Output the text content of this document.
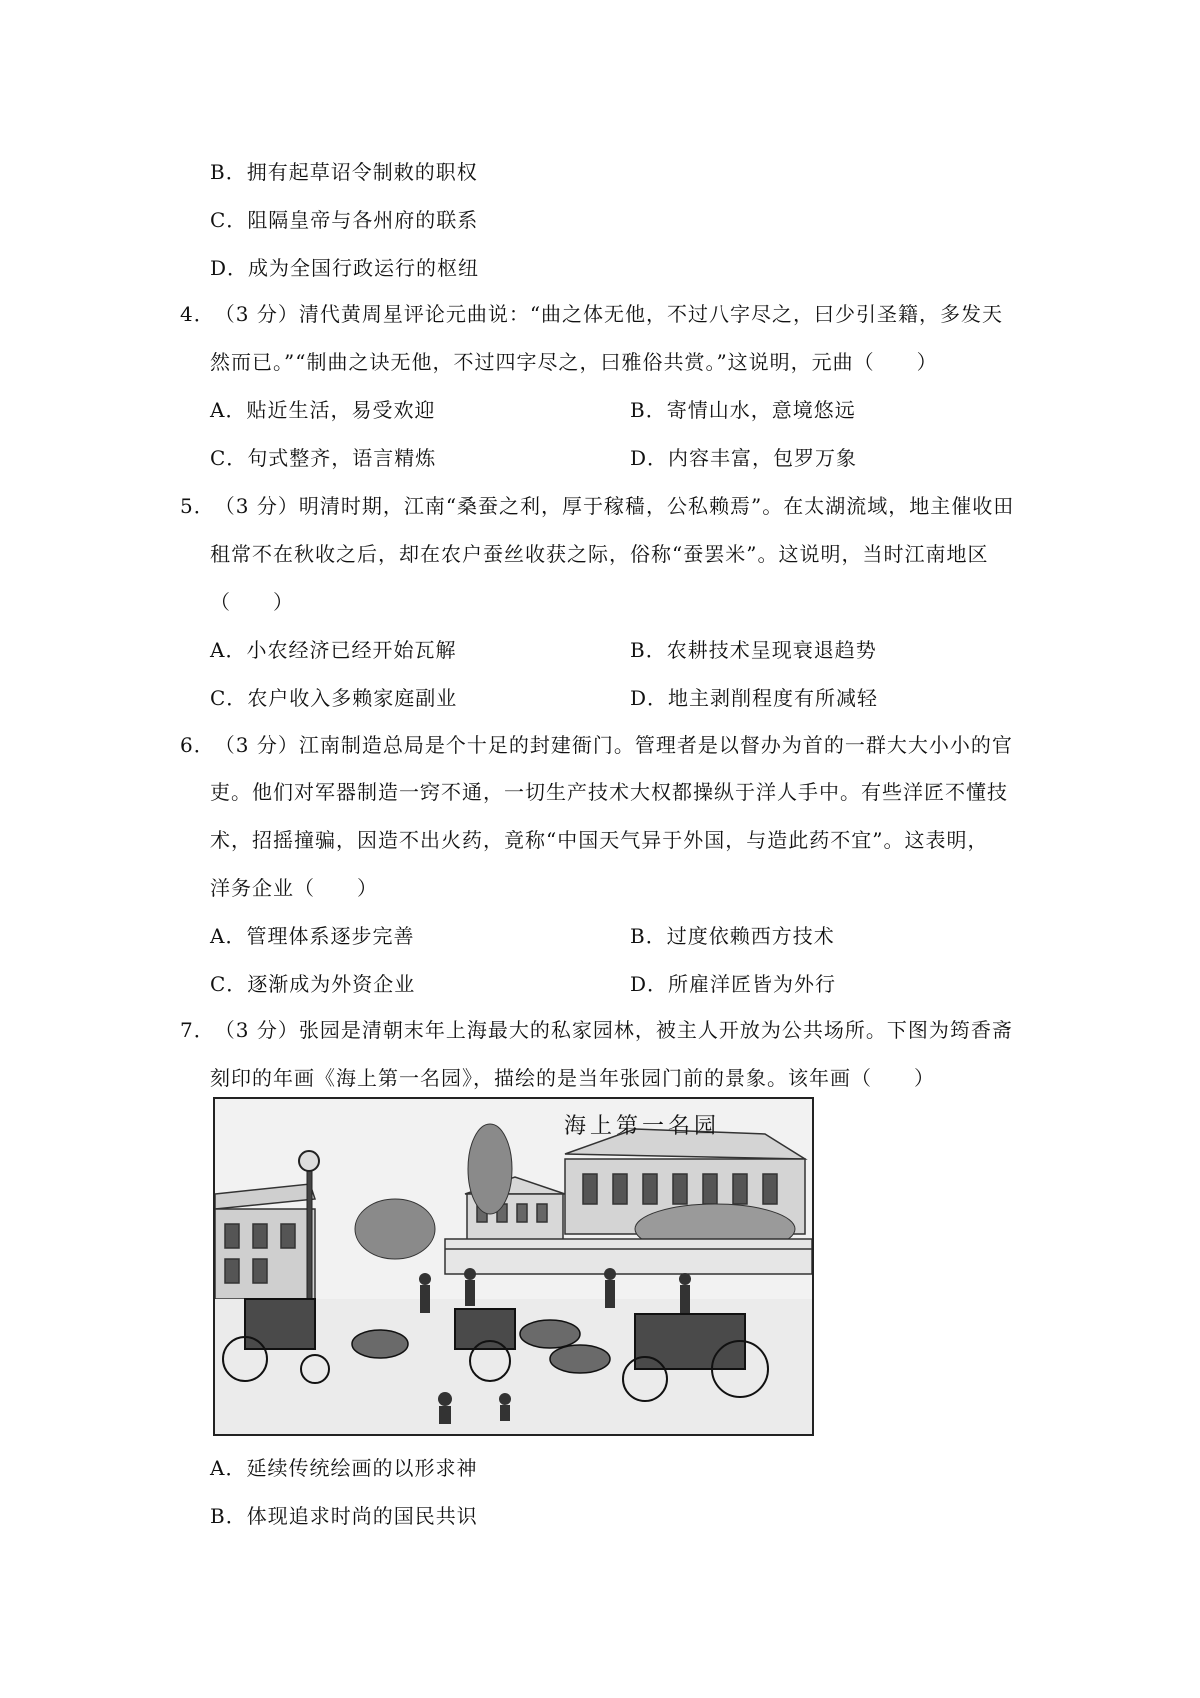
B．拥有起草诏令制敕的职权
C．阻隔皇帝与各州府的联系
D．成为全国行政运行的枢纽
4．（3 分）清代黄周星评论元曲说：“曲之体无他，不过八字尽之，曰少引圣籍，多发天
然而已。”“制曲之诀无他，不过四字尽之，曰雅俗共赏。”这说明，元曲（　　）
A．贴近生活，易受欢迎	B．寄情山水，意境悠远
C．句式整齐，语言精炼	D．内容丰富，包罗万象
5．（3 分）明清时期，江南“桑蚕之利，厚于稼穑，公私赖焉”。在太湖流域，地主催收田
租常不在秋收之后，却在农户蚕丝收获之际，俗称“蚕罢米”。这说明，当时江南地区
（　　）
A．小农经济已经开始瓦解	B．农耕技术呈现衰退趋势
C．农户收入多赖家庭副业	D．地主剥削程度有所减轻
6．（3 分）江南制造总局是个十足的封建衙门。管理者是以督办为首的一群大大小小的官
吏。他们对军器制造一窍不通，一切生产技术大权都操纵于洋人手中。有些洋匠不懂技
术，招摇撞骗，因造不出火药，竟称“中国天气异于外国，与造此药不宜”。这表明，
洋务企业（　　）
A．管理体系逐步完善	B．过度依赖西方技术
C．逐渐成为外资企业	D．所雇洋匠皆为外行
7．（3 分）张园是清朝末年上海最大的私家园林，被主人开放为公共场所。下图为筠香斋
刻印的年画《海上第一名园》，描绘的是当年张园门前的景象。该年画（　　）
海上第一名园
A．延续传统绘画的以形求神
B．体现追求时尚的国民共识
